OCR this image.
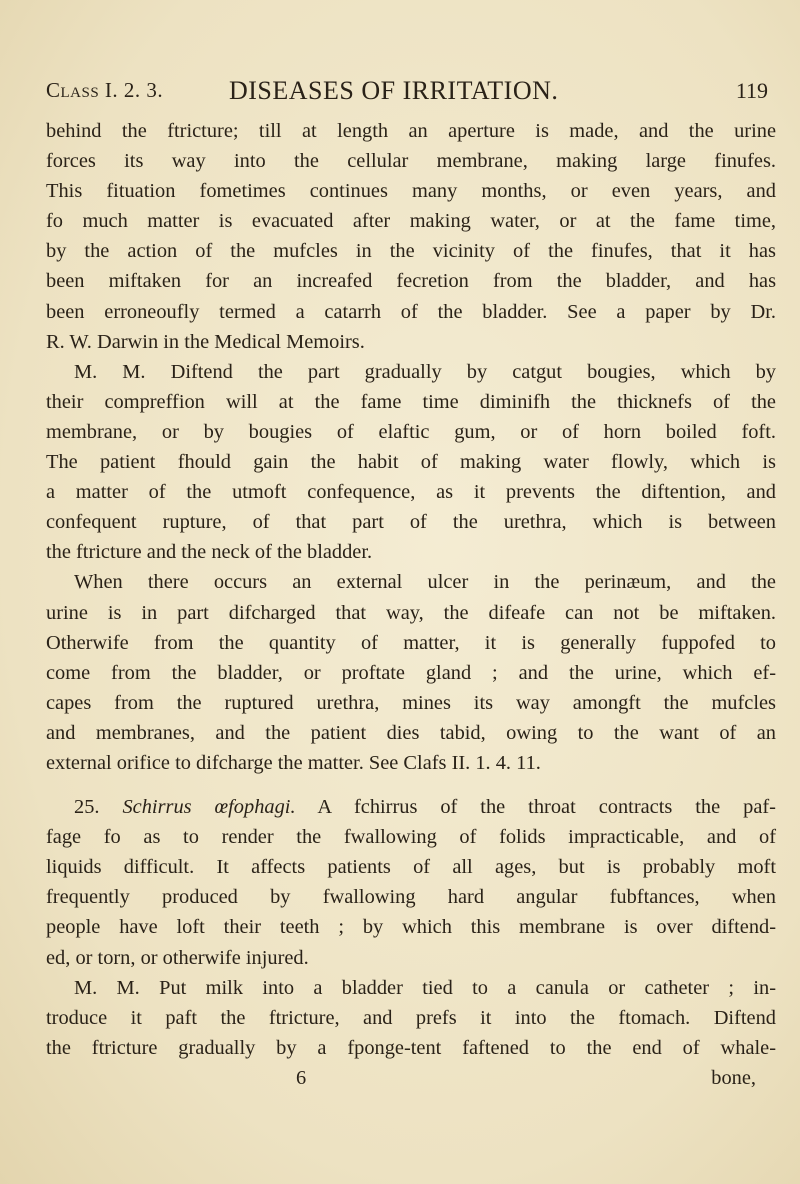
Class I. 2. 3.	DISEASES OF IRRITATION.	119
behind the ftricture; till at length an aperture is made, and the urine
forces its way into the cellular membrane, making large finufes.
This fituation fometimes continues many months, or even years, and
fo much matter is evacuated after making water, or at the fame time,
by the action of the mufcles in the vicinity of the finufes, that it has
been miftaken for an increafed fecretion from the bladder, and has
been erroneoufly termed a catarrh of the bladder. See a paper by Dr.
R. W. Darwin in the Medical Memoirs.
M. M. Diftend the part gradually by catgut bougies, which by
their compreffion will at the fame time diminifh the thicknefs of the
membrane, or by bougies of elaftic gum, or of horn boiled foft.
The patient fhould gain the habit of making water flowly, which is
a matter of the utmoft confequence, as it prevents the diftention, and
confequent rupture, of that part of the urethra, which is between
the ftricture and the neck of the bladder.
When there occurs an external ulcer in the perinæum, and the
urine is in part difcharged that way, the difeafe can not be miftaken.
Otherwife from the quantity of matter, it is generally fuppofed to
come from the bladder, or proftate gland ; and the urine, which ef-
capes from the ruptured urethra, mines its way amongft the mufcles
and membranes, and the patient dies tabid, owing to the want of an
external orifice to difcharge the matter. See Clafs II. 1. 4. 11.
25. Schirrus œfophagi. A fchirrus of the throat contracts the paf-
fage fo as to render the fwallowing of folids impracticable, and of
liquids difficult. It affects patients of all ages, but is probably moft
frequently produced by fwallowing hard angular fubftances, when
people have loft their teeth ; by which this membrane is over diftend-
ed, or torn, or otherwife injured.
M. M. Put milk into a bladder tied to a canula or catheter ; in-
troduce it paft the ftricture, and prefs it into the ftomach. Diftend
the ftricture gradually by a fponge-tent faftened to the end of whale-
6	bone,
